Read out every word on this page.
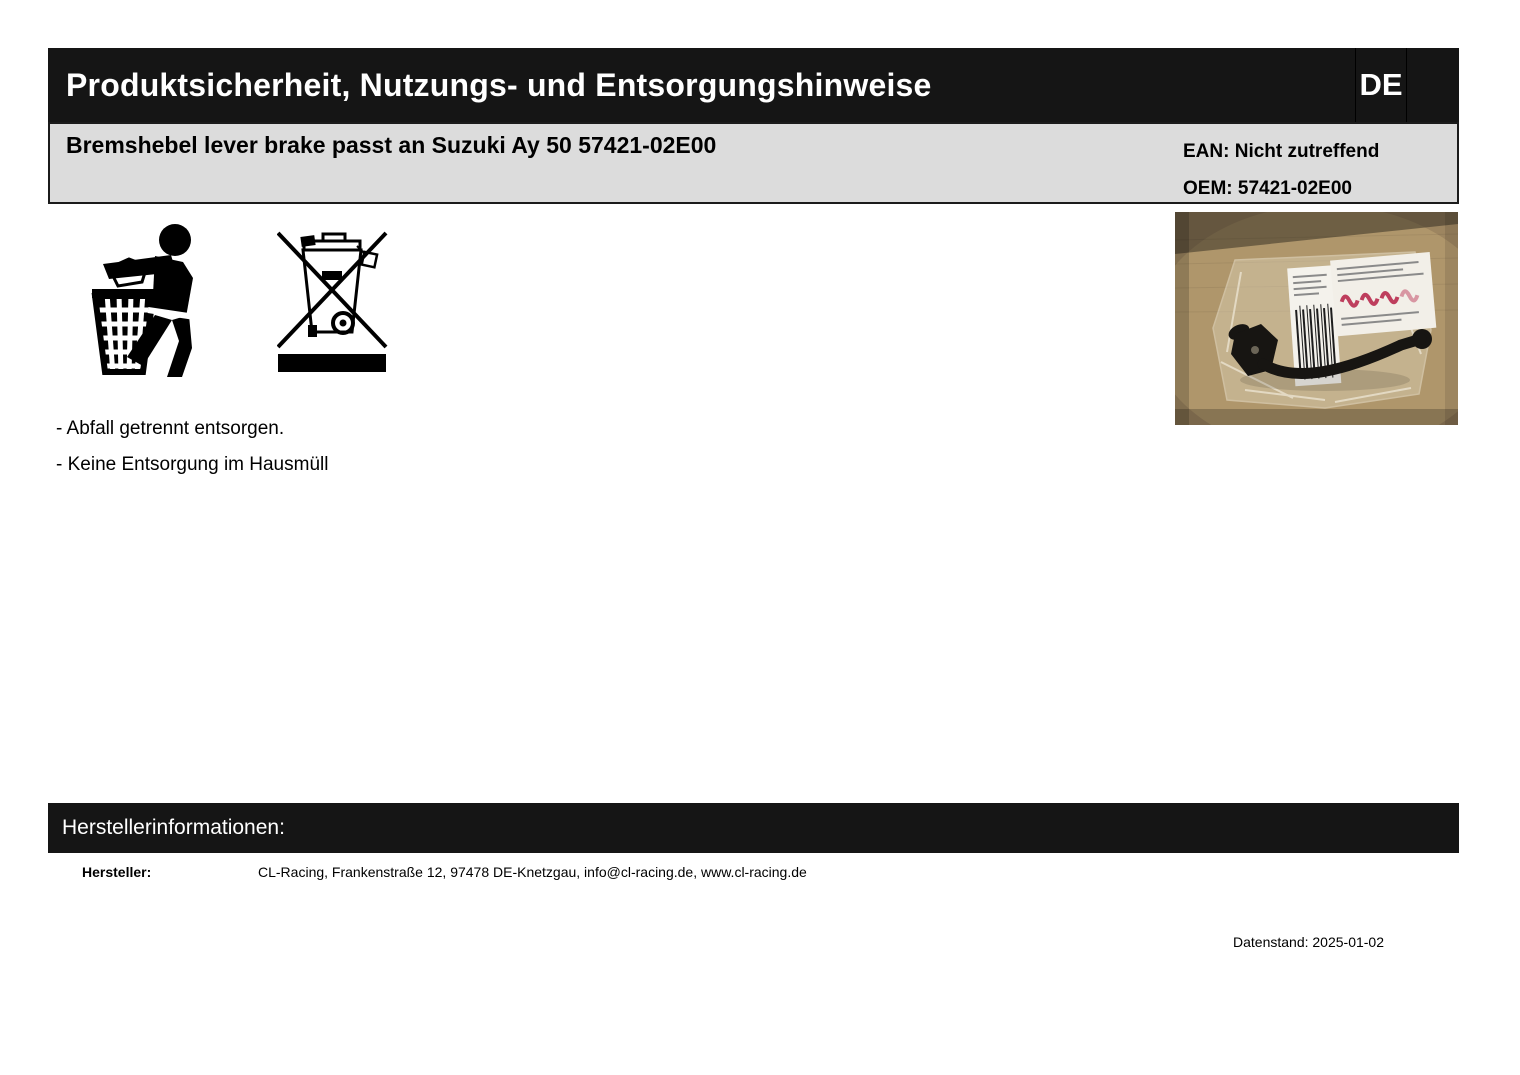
Produktsicherheit, Nutzungs- und Entsorgungshinweise	DE
Bremshebel lever brake passt an Suzuki Ay 50 57421-02E00	EAN: Nicht zutreffend
OEM: 57421-02E00
- Abfall getrennt entsorgen.
- Keine Entsorgung im Hausmüll
Herstellerinformationen:
Hersteller:	CL-Racing, Frankenstraße 12, 97478 DE-Knetzgau, info@cl-racing.de, www.cl-racing.de
Datenstand: 2025-01-02
